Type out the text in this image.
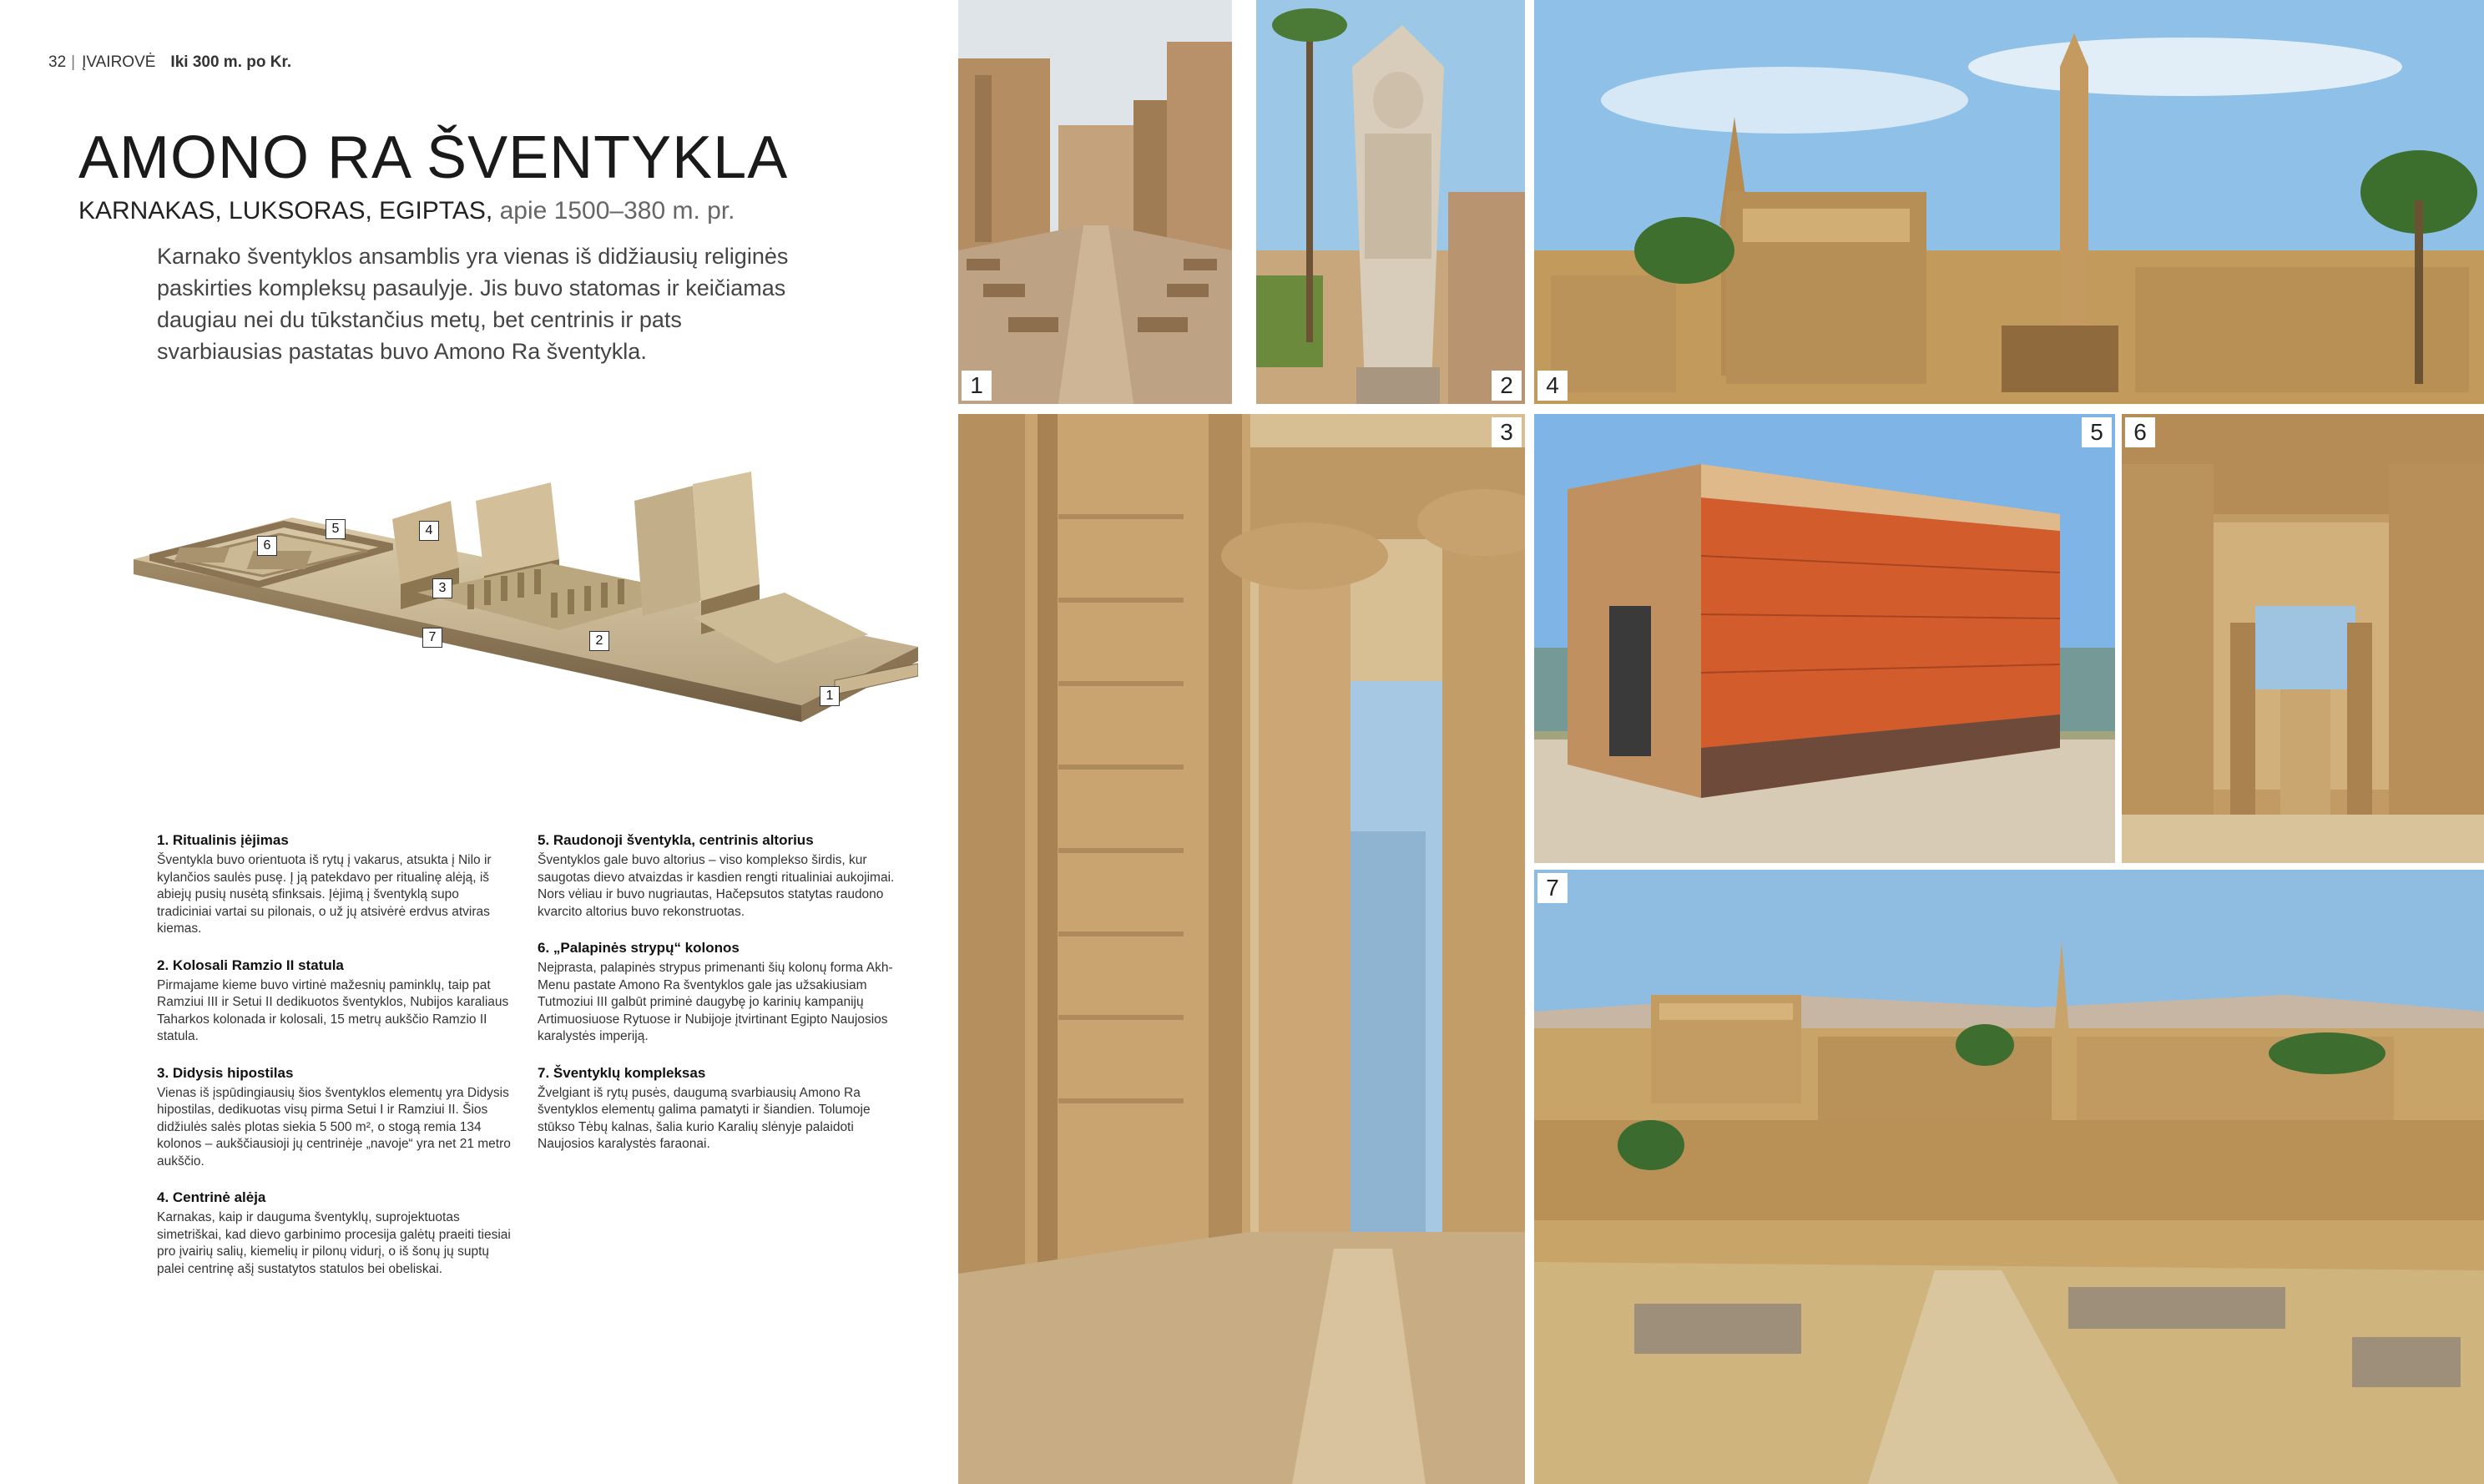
32 | ĮVAIROVĖ Iki 300 m. po Kr.
AMONO RA ŠVENTYKLA
KARNAKAS, LUKSORAS, EGIPTAS, apie 1500–380 m. pr.
Karnako šventyklos ansamblis yra vienas iš didžiausių religinės paskirties kompleksų pasaulyje. Jis buvo statomas ir keičiamas daugiau nei du tūkstančius metų, bet centrinis ir pats svarbiausias pastatas buvo Amono Ra šventykla.
1
2
3
4
5
6
7
1. Ritualinis įėjimas
Šventykla buvo orientuota iš rytų į vakarus, atsukta į Nilo ir kylančios saulės pusę. Į ją patekdavo per ritualinę alėją, iš abiejų pusių nusėtą sfinksais. Įėjimą į šventyklą supo tradiciniai vartai su pilonais, o už jų atsivėrė erdvus atviras kiemas.
2. Kolosali Ramzio II statula
Pirmajame kieme buvo virtinė mažesnių paminklų, taip pat Ramziui III ir Setui II dedikuotos šventyklos, Nubijos karaliaus Taharkos kolonada ir kolosali, 15 metrų aukščio Ramzio II statula.
3. Didysis hipostilas
Vienas iš įspūdingiausių šios šventyklos elementų yra Didysis hipostilas, dedikuotas visų pirma Setui I ir Ramziui II. Šios didžiulės salės plotas siekia 5 500 m², o stogą remia 134 kolonos – aukščiausioji jų centrinėje „navoje“ yra net 21 metro aukščio.
4. Centrinė alėja
Karnakas, kaip ir dauguma šventyklų, suprojektuotas simetriškai, kad dievo garbinimo procesija galėtų praeiti tiesiai pro įvairių salių, kiemelių ir pilonų vidurį, o iš šonų jų suptų palei centrinę ašį sustatytos statulos bei obeliskai.
5. Raudonoji šventykla, centrinis altorius
Šventyklos gale buvo altorius – viso komplekso širdis, kur saugotas dievo atvaizdas ir kasdien rengti ritualiniai aukojimai. Nors vėliau ir buvo nugriautas, Hačepsutos statytas raudono kvarcito altorius buvo rekonstruotas.
6. „Palapinės strypų“ kolonos
Neįprasta, palapinės strypus primenanti šių kolonų forma Akh-Menu pastate Amono Ra šventyklos gale jas užsakiusiam Tutmoziui III galbūt priminė daugybę jo karinių kampanijų Artimuosiuose Rytuose ir Nubijoje įtvirtinant Egipto Naujosios karalystės imperiją.
7. Šventyklų kompleksas
Žvelgiant iš rytų pusės, daugumą svarbiausių Amono Ra šventyklos elementų galima pamatyti ir šiandien. Tolumoje stūkso Tėbų kalnas, šalia kurio Karalių slėnyje palaidoti Naujosios karalystės faraonai.
1	2	4
3	5	6
7
